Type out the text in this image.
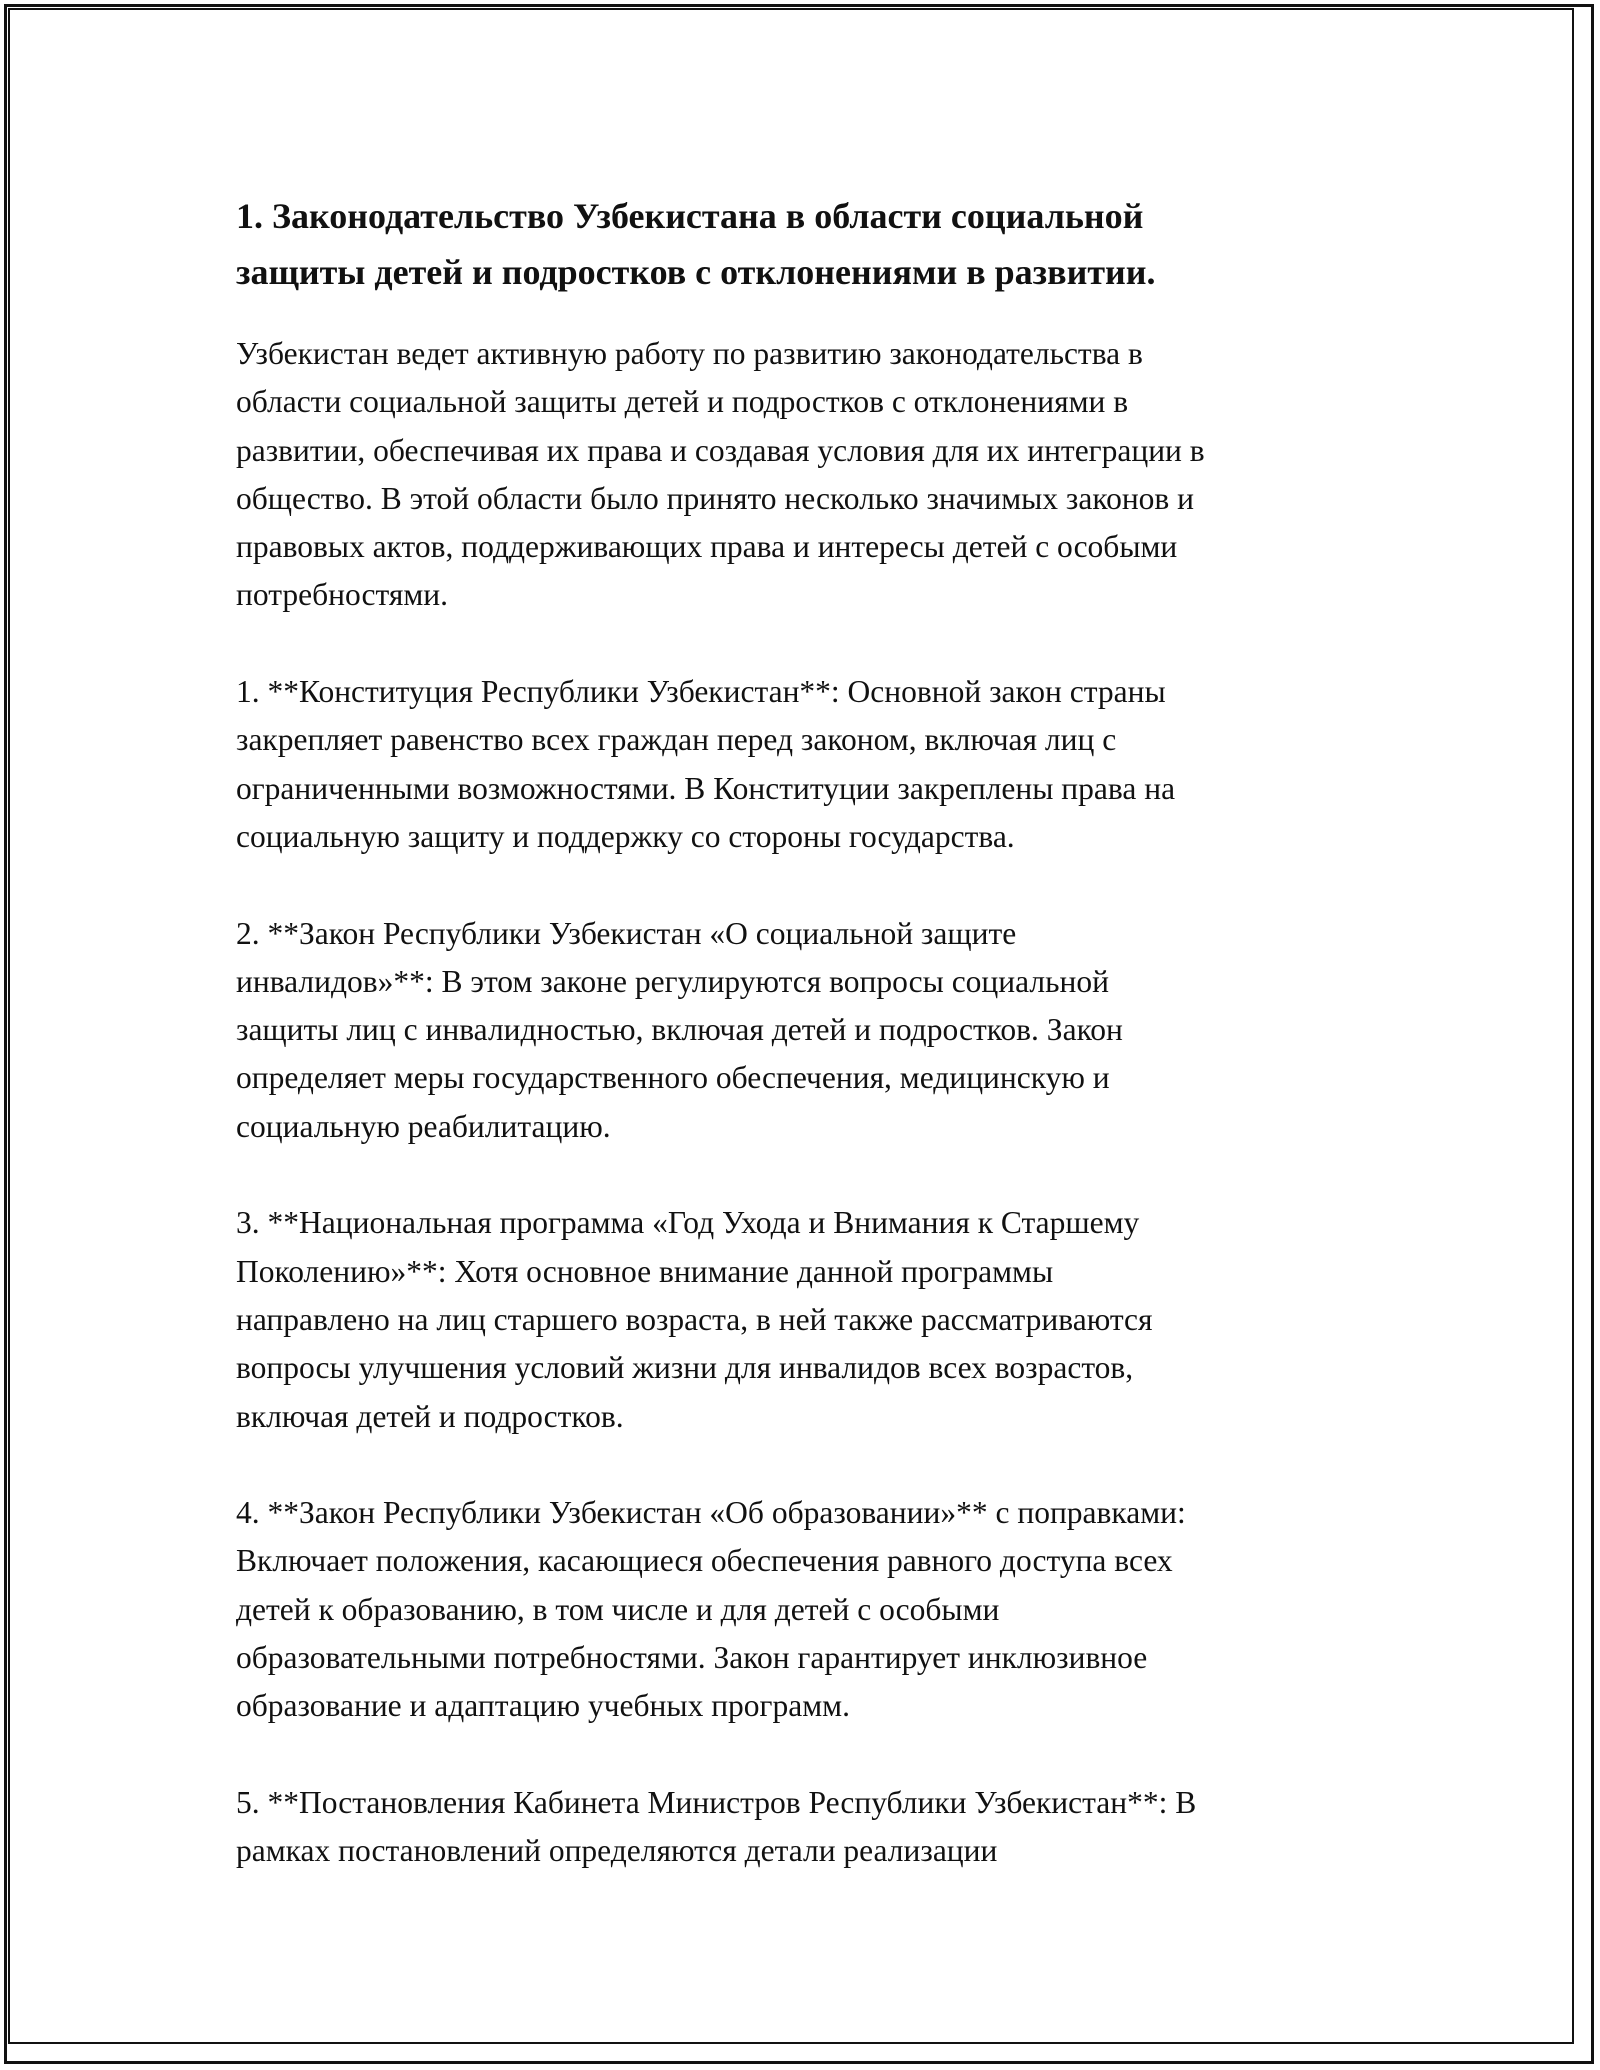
1. Законодательство Узбекистана в области социальной
защиты детей и подростков с отклонениями в развитии.
Узбекистан ведет активную работу по развитию законодательства в
области социальной защиты детей и подростков с отклонениями в
развитии, обеспечивая их права и создавая условия для их интеграции в
общество. В этой области было принято несколько значимых законов и
правовых актов, поддерживающих права и интересы детей с особыми
потребностями.
1. **Конституция Республики Узбекистан**: Основной закон страны
закрепляет равенство всех граждан перед законом, включая лиц с
ограниченными возможностями. В Конституции закреплены права на
социальную защиту и поддержку со стороны государства.
2. **Закон Республики Узбекистан «О социальной защите
инвалидов»**: В этом законе регулируются вопросы социальной
защиты лиц с инвалидностью, включая детей и подростков. Закон
определяет меры государственного обеспечения, медицинскую и
социальную реабилитацию.
3. **Национальная программа «Год Ухода и Внимания к Старшему
Поколению»**: Хотя основное внимание данной программы
направлено на лиц старшего возраста, в ней также рассматриваются
вопросы улучшения условий жизни для инвалидов всех возрастов,
включая детей и подростков.
4. **Закон Республики Узбекистан «Об образовании»** с поправками:
Включает положения, касающиеся обеспечения равного доступа всех
детей к образованию, в том числе и для детей с особыми
образовательными потребностями. Закон гарантирует инклюзивное
образование и адаптацию учебных программ.
5. **Постановления Кабинета Министров Республики Узбекистан**: В
рамках постановлений определяются детали реализации
